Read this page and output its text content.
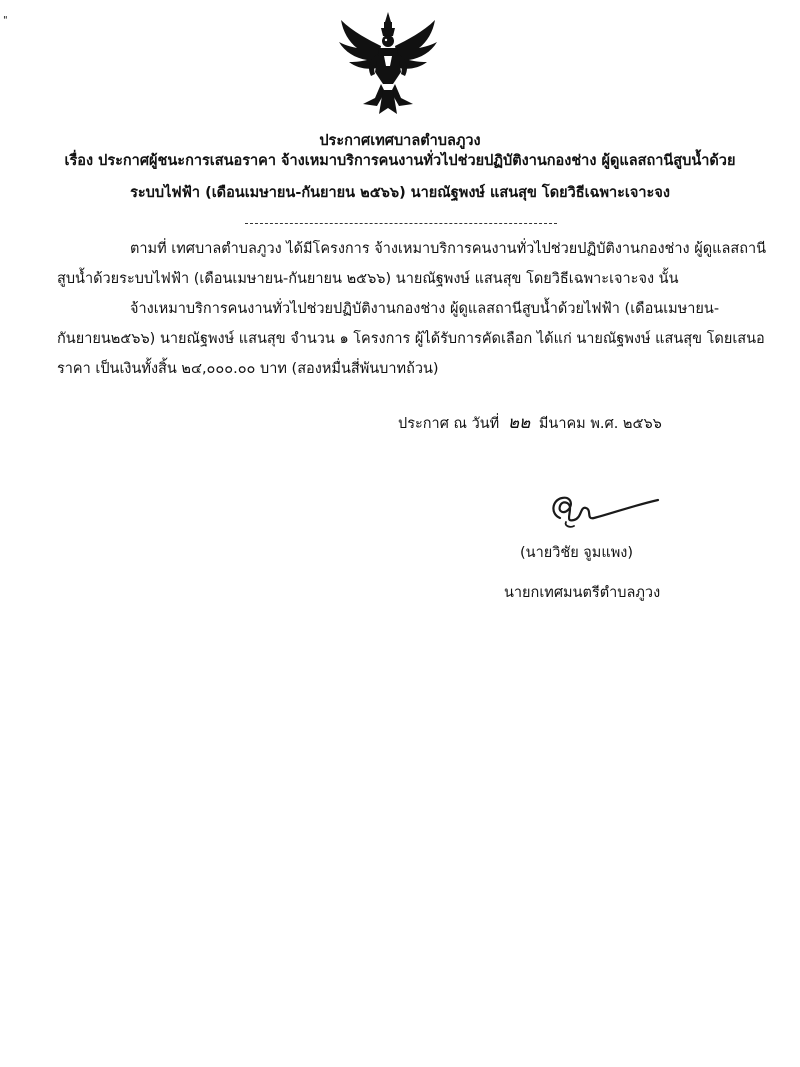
"
ประกาศเทศบาลตำบลภูวง
เรื่อง ประกาศผู้ชนะการเสนอราคา จ้างเหมาบริการคนงานทั่วไปช่วยปฏิบัติงานกองช่าง ผู้ดูแลสถานีสูบน้ำด้วย
ระบบไฟฟ้า (เดือนเมษายน-กันยายน ๒๕๖๖) นายณัฐพงษ์ แสนสุข โดยวิธีเฉพาะเจาะจง
ตามที่ เทศบาลตำบลภูวง ได้มีโครงการ จ้างเหมาบริการคนงานทั่วไปช่วยปฏิบัติงานกองช่าง ผู้ดูแลสถานี
สูบน้ำด้วยระบบไฟฟ้า (เดือนเมษายน-กันยายน ๒๕๖๖) นายณัฐพงษ์ แสนสุข โดยวิธีเฉพาะเจาะจง นั้น
จ้างเหมาบริการคนงานทั่วไปช่วยปฏิบัติงานกองช่าง ผู้ดูแลสถานีสูบน้ำด้วยไฟฟ้า (เดือนเมษายน-
กันยายน๒๕๖๖) นายณัฐพงษ์ แสนสุข จำนวน ๑ โครงการ ผู้ได้รับการคัดเลือก ได้แก่ นายณัฐพงษ์ แสนสุข โดยเสนอ
ราคา เป็นเงินทั้งสิ้น ๒๔,๐๐๐.๐๐ บาท (สองหมื่นสี่พันบาทถ้วน)
ประกาศ ณ วันที่ ๒๒ มีนาคม พ.ศ. ๒๕๖๖
(นายวิชัย จูมแพง)
นายกเทศมนตรีตำบลภูวง
